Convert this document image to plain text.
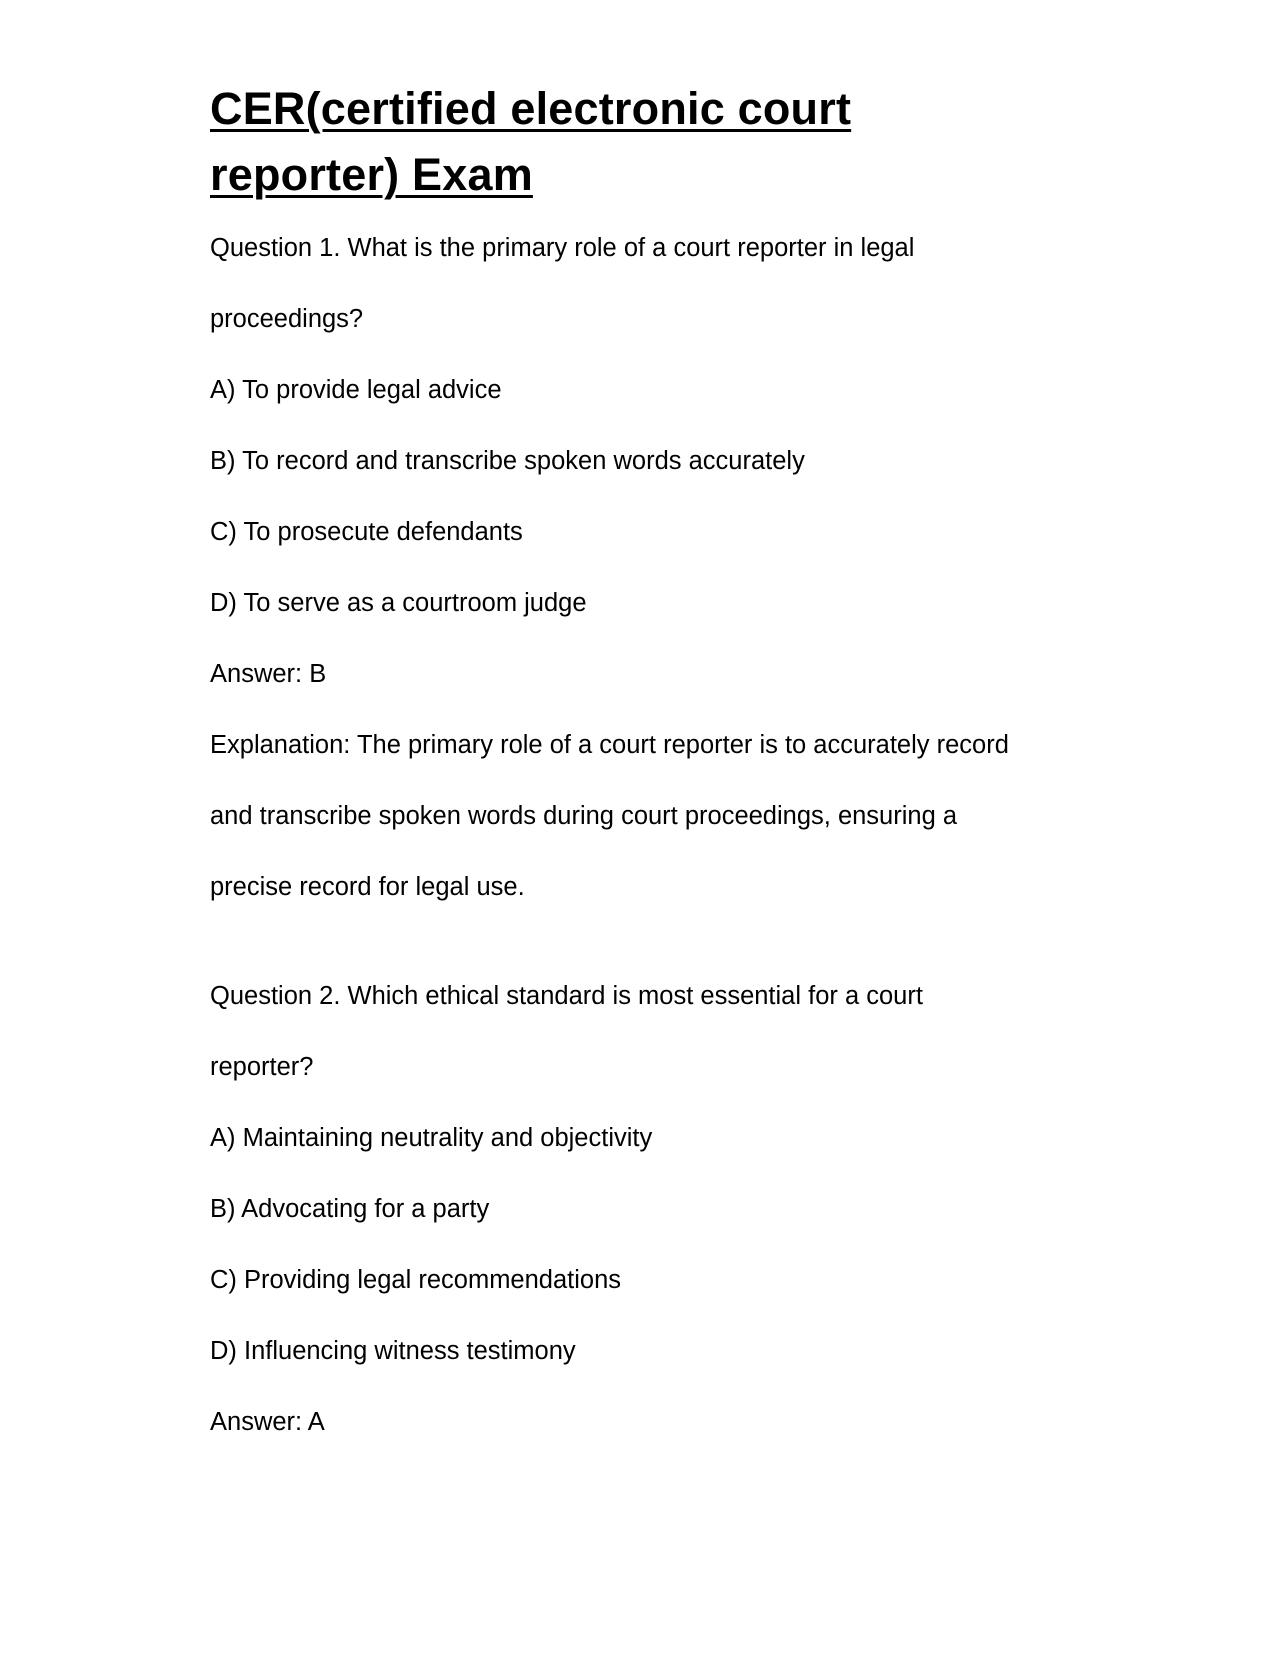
CER(certified electronic court
reporter) Exam
Question 1. What is the primary role of a court reporter in legal
proceedings?
A) To provide legal advice
B) To record and transcribe spoken words accurately
C) To prosecute defendants
D) To serve as a courtroom judge
Answer: B
Explanation: The primary role of a court reporter is to accurately record
and transcribe spoken words during court proceedings, ensuring a
precise record for legal use.
Question 2. Which ethical standard is most essential for a court
reporter?
A) Maintaining neutrality and objectivity
B) Advocating for a party
C) Providing legal recommendations
D) Influencing witness testimony
Answer: A
